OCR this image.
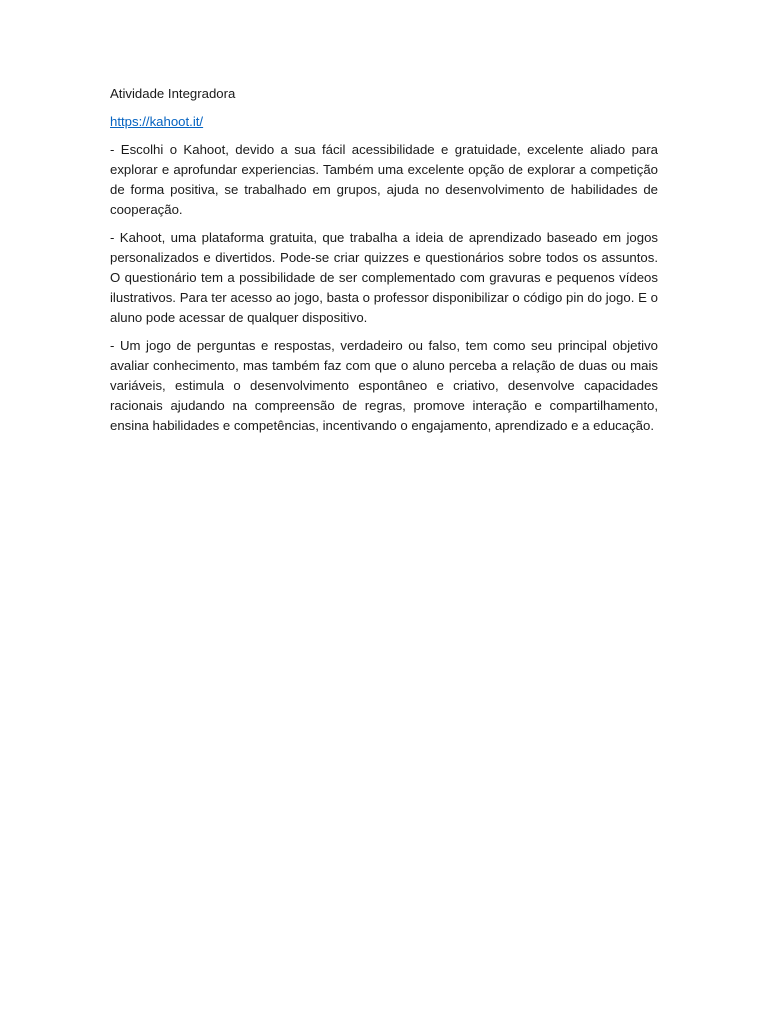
Atividade Integradora
https://kahoot.it/

- Escolhi o Kahoot, devido a sua fácil acessibilidade e gratuidade, excelente aliado para explorar e aprofundar experiencias. Também uma excelente opção de explorar a competição de forma positiva, se trabalhado em grupos, ajuda no desenvolvimento de habilidades de cooperação.

- Kahoot, uma plataforma gratuita, que trabalha a ideia de aprendizado baseado em jogos personalizados e divertidos. Pode-se criar quizzes e questionários sobre todos os assuntos. O questionário tem a possibilidade de ser complementado com gravuras e pequenos vídeos ilustrativos. Para ter acesso ao jogo, basta o professor disponibilizar o código pin do jogo. E o aluno pode acessar de qualquer dispositivo.

- Um jogo de perguntas e respostas, verdadeiro ou falso, tem como seu principal objetivo avaliar conhecimento, mas também faz com que o aluno perceba a relação de duas ou mais variáveis, estimula o desenvolvimento espontâneo e criativo, desenvolve capacidades racionais ajudando na compreensão de regras, promove interação e compartilhamento, ensina habilidades e competências, incentivando o engajamento, aprendizado e a educação.
